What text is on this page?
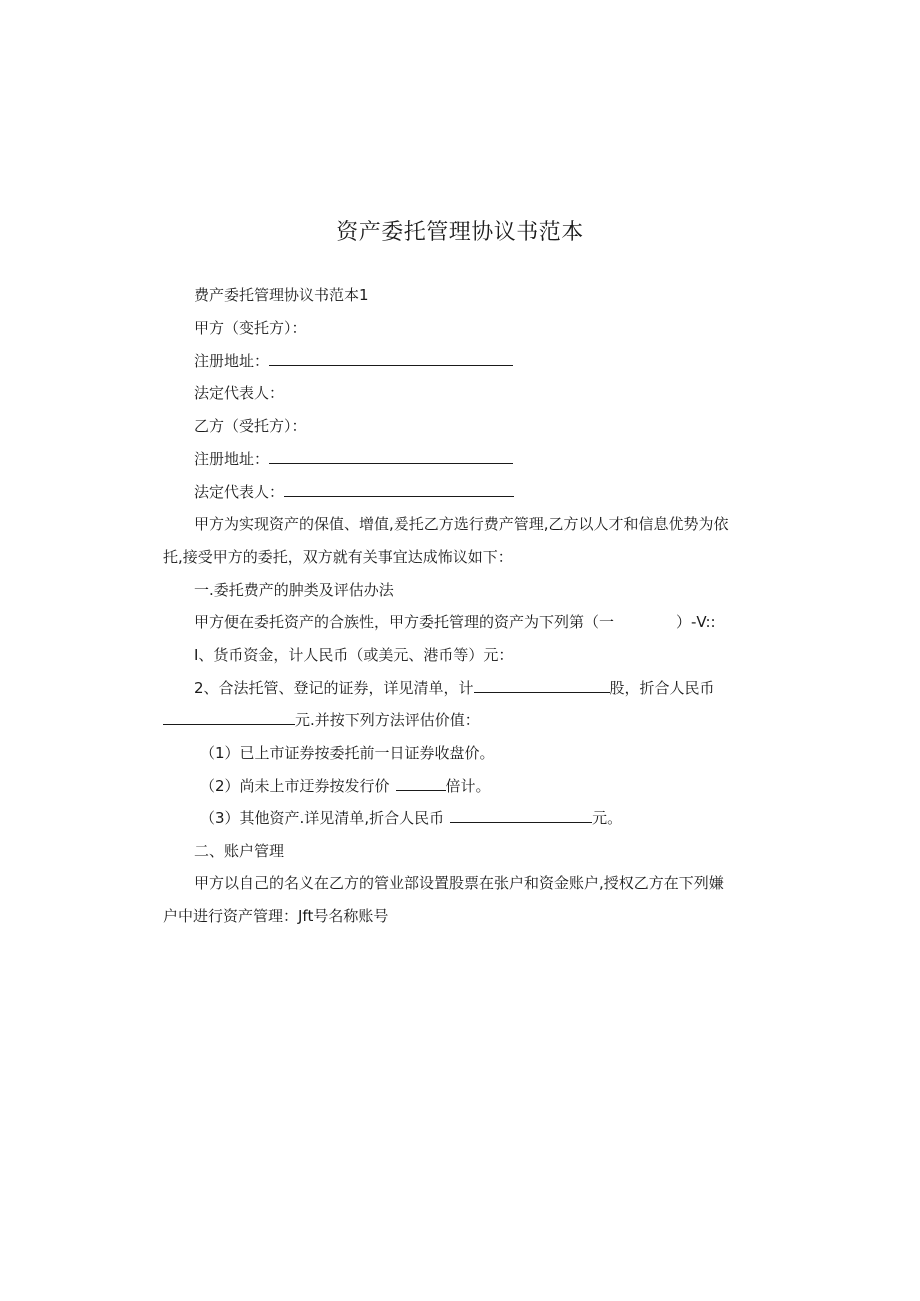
资产委托管理协议书范本
费产委托管理协议书范本1
甲方（变托方）：
注册地址：
法定代表人：
乙方（受托方）：
注册地址：
法定代表人：
甲方为实现资产的保值、增值,爰托乙方选行费产管理,乙方以人才和信息优势为依
托,接受甲方的委托，双方就有关事宜达成怖议如下：
一.委托费产的肿类及评估办法
甲方便在委托资产的合族性，甲方委托管理的资产为下列第（一	）-V::
I、货币资金，计人民币（或美元、港币等）元：
2、合法托管、登记的证券，详见清单，计	股，折合人民币
元.并按下列方法评估价值：
（1）已上市证券按委托前一日证券收盘价。
（2）尚未上市迂券按发行价	倍计。
（3）其他资产.详见清单,折合人民币	元。
二、账户管理
甲方以自己的名义在乙方的管业部设置股票在张户和资金账户,授权乙方在下列嫌
户中进行资产管理：Jft号名称账号
